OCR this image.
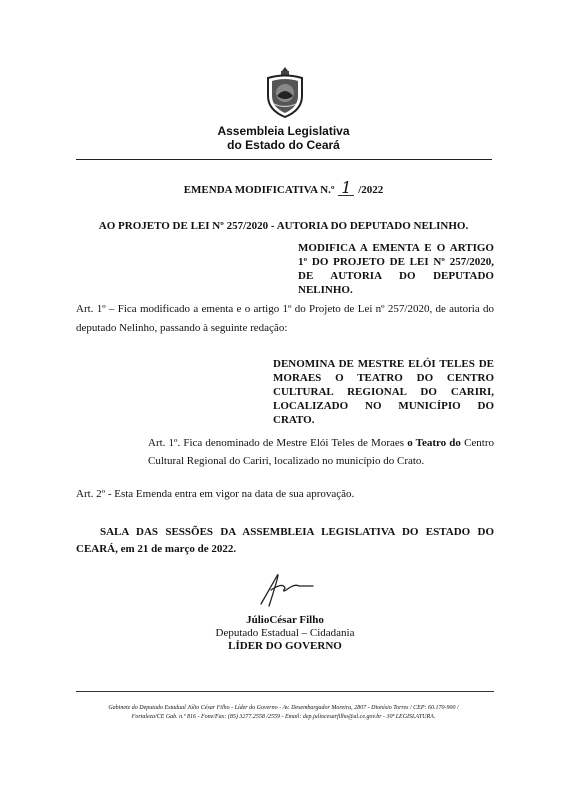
Assembleia Legislativa
do Estado do Ceará
EMENDA MODIFICATIVA N.º 1 /2022
AO PROJETO DE LEI Nº 257/2020 - AUTORIA DO DEPUTADO NELINHO.
MODIFICA A EMENTA E O ARTIGO 1º DO PROJETO DE LEI Nº 257/2020, DE AUTORIA DO DEPUTADO NELINHO.
Art. 1º – Fica modificado a ementa e o artigo 1º do Projeto de Lei nº 257/2020, de autoria do deputado Nelinho, passando à seguinte redação:
DENOMINA DE MESTRE ELÓI TELES DE MORAES O TEATRO DO CENTRO CULTURAL REGIONAL DO CARIRI, LOCALIZADO NO MUNICÍPIO DO CRATO.
Art. 1º. Fica denominado de Mestre Elói Teles de Moraes o Teatro do Centro Cultural Regional do Cariri, localizado no município do Crato.
Art. 2º - Esta Emenda entra em vigor na data de sua aprovação.
SALA DAS SESSÕES DA ASSEMBLEIA LEGISLATIVA DO ESTADO DO CEARÁ, em 21 de março de 2022.
JúlioCésar Filho
Deputado Estadual – Cidadania
LÍDER DO GOVERNO
Gabinete do Deputado Estadual Júlio César Filho - Líder do Governo - Av. Desembargador Moreira, 2807 - Dionísio Torres / CEP: 60.170-900 /
Fortaleza/CE Gab. n.º 816 - Fone/Fax: (85) 3277.2558 /2559 - Email: dep.juliocesarfilho@al.ce.gov.br - 30ª LEGISLATURA.
